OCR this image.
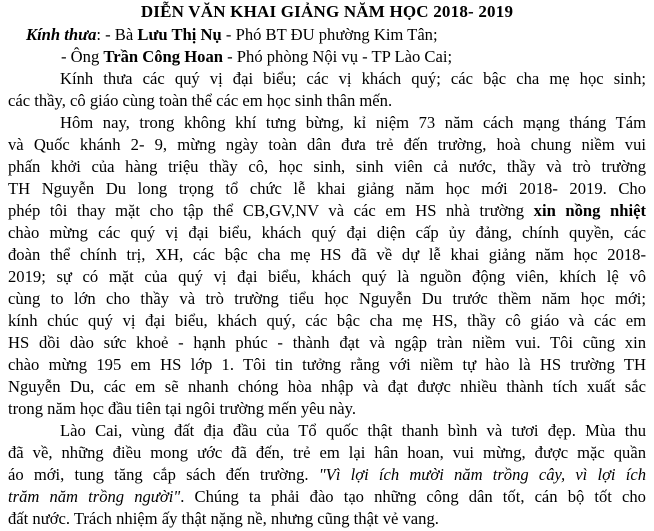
DIỄN VĂN KHAI GIẢNG NĂM HỌC 2018- 2019
Kính thưa: - Bà Lưu Thị Nụ - Phó BT ĐU phường Kim Tân;
- Ông Trần Công Hoan - Phó phòng Nội vụ - TP Lào Cai;
Kính thưa các quý vị đại biểu; các vị khách quý; các bậc cha mẹ học sinh;
các thầy, cô giáo cùng toàn thể các em học sinh thân mến.
Hôm nay, trong không khí tưng bừng, kỉ niệm 73 năm cách mạng tháng Tám
và Quốc khánh 2- 9, mừng ngày toàn dân đưa trẻ đến trường, hoà chung niềm vui
phấn khởi của hàng triệu thầy cô, học sinh, sinh viên cả nước, thầy và trò trường
TH Nguyễn Du long trọng tổ chức lễ khai giảng năm học mới 2018- 2019. Cho
phép tôi thay mặt cho tập thể CB,GV,NV và các em HS nhà trường xin nồng nhiệt
chào mừng các quý vị đại biểu, khách quý đại diện cấp ủy đảng, chính quyền, các
đoàn thể chính trị, XH, các bậc cha mẹ HS đã về dự lễ khai giảng năm học 2018-
2019; sự có mặt của quý vị đại biểu, khách quý là nguồn động viên, khích lệ vô
cùng to lớn cho thầy và trò trường tiểu học Nguyễn Du trước thềm năm học mới;
kính chúc quý vị đại biểu, khách quý, các bậc cha mẹ HS, thầy cô giáo và các em
HS dồi dào sức khoẻ - hạnh phúc - thành đạt và ngập tràn niềm vui. Tôi cũng xin
chào mừng 195 em HS lớp 1. Tôi tin tưởng rằng với niềm tự hào là HS trường TH
Nguyễn Du, các em sẽ nhanh chóng hòa nhập và đạt được nhiều thành tích xuất sắc
trong năm học đầu tiên tại ngôi trường mến yêu này.
Lào Cai, vùng đất địa đầu của Tổ quốc thật thanh bình và tươi đẹp. Mùa thu
đã về, những điều mong ước đã đến, trẻ em lại hân hoan, vui mừng, được mặc quần
áo mới, tung tăng cắp sách đến trường. "Vì lợi ích mười năm trồng cây, vì lợi ích
trăm năm trồng người". Chúng ta phải đào tạo những công dân tốt, cán bộ tốt cho
đất nước. Trách nhiệm ấy thật nặng nề, nhưng cũng thật vẻ vang.
